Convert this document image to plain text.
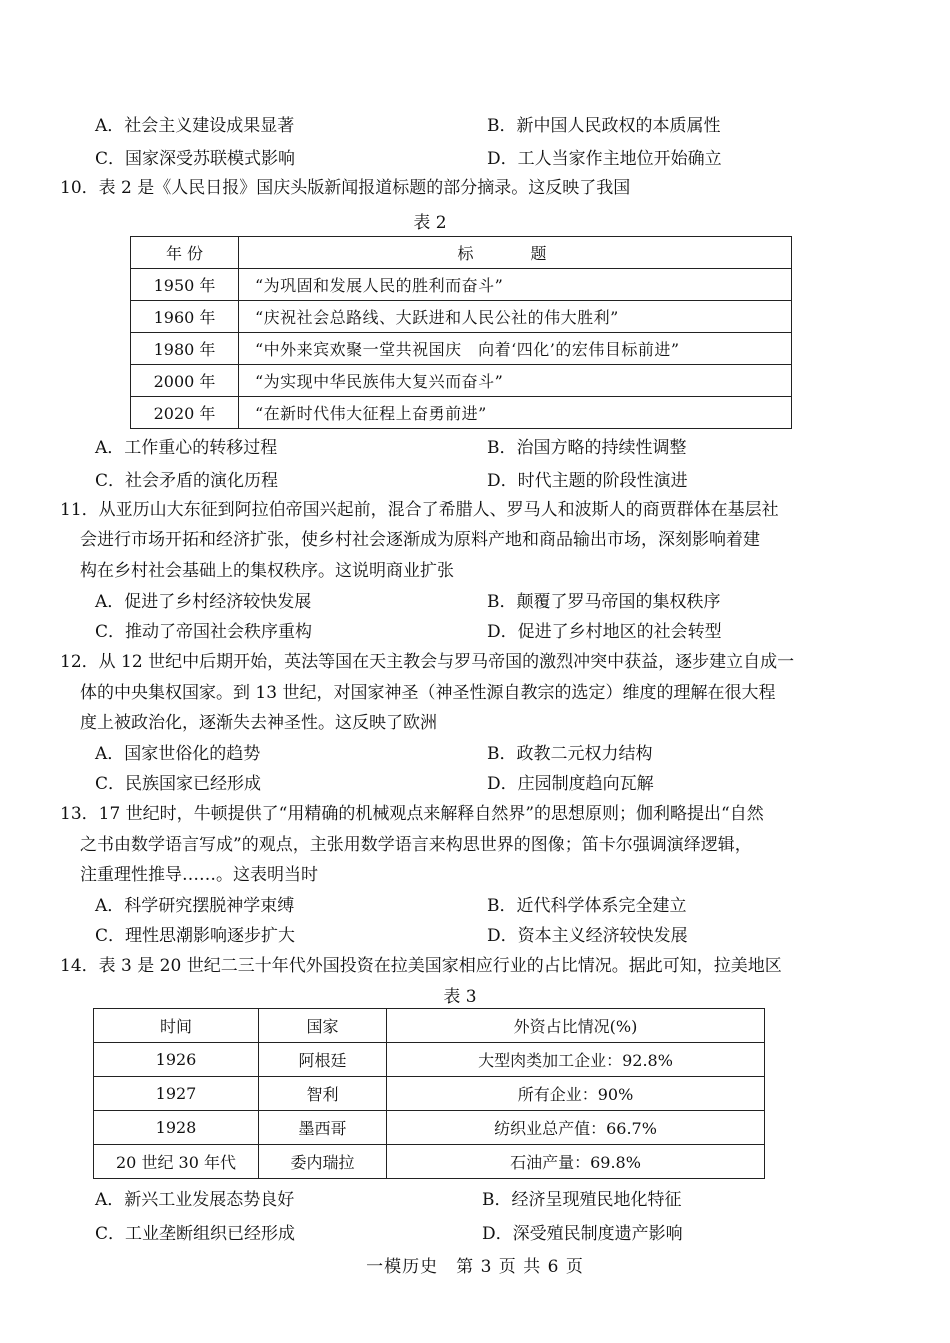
A．社会主义建设成果显著	B．新中国人民政权的本质属性
C．国家深受苏联模式影响	D．工人当家作主地位开始确立
10．表 2 是《人民日报》国庆头版新闻报道标题的部分摘录。这反映了我国
表 2
年 份	标 题
1950 年	“为巩固和发展人民的胜利而奋斗”
1960 年	“庆祝社会总路线、大跃进和人民公社的伟大胜利”
1980 年	“中外来宾欢聚一堂共祝国庆　向着‘四化’的宏伟目标前进”
2000 年	“为实现中华民族伟大复兴而奋斗”
2020 年	“在新时代伟大征程上奋勇前进”
A．工作重心的转移过程	B．治国方略的持续性调整
C．社会矛盾的演化历程	D．时代主题的阶段性演进
11．从亚历山大东征到阿拉伯帝国兴起前，混合了希腊人、罗马人和波斯人的商贾群体在基层社
会进行市场开拓和经济扩张，使乡村社会逐渐成为原料产地和商品输出市场，深刻影响着建
构在乡村社会基础上的集权秩序。这说明商业扩张
A．促进了乡村经济较快发展	B．颠覆了罗马帝国的集权秩序
C．推动了帝国社会秩序重构	D．促进了乡村地区的社会转型
12．从 12 世纪中后期开始，英法等国在天主教会与罗马帝国的激烈冲突中获益，逐步建立自成一
体的中央集权国家。到 13 世纪，对国家神圣（神圣性源自教宗的选定）维度的理解在很大程
度上被政治化，逐渐失去神圣性。这反映了欧洲
A．国家世俗化的趋势	B．政教二元权力结构
C．民族国家已经形成	D．庄园制度趋向瓦解
13．17 世纪时，牛顿提供了“用精确的机械观点来解释自然界”的思想原则；伽利略提出“自然
之书由数学语言写成”的观点，主张用数学语言来构思世界的图像；笛卡尔强调演绎逻辑，
注重理性推导……。这表明当时
A．科学研究摆脱神学束缚	B．近代科学体系完全建立
C．理性思潮影响逐步扩大	D．资本主义经济较快发展
14．表 3 是 20 世纪二三十年代外国投资在拉美国家相应行业的占比情况。据此可知，拉美地区
表 3
时间	国家	外资占比情况(%)
1926	阿根廷	大型肉类加工企业：92.8%
1927	智利	所有企业：90%
1928	墨西哥	纺织业总产值：66.7%
20 世纪 30 年代	委内瑞拉	石油产量：69.8%
A．新兴工业发展态势良好	B．经济呈现殖民地化特征
C．工业垄断组织已经形成	D．深受殖民制度遗产影响
一模历史　第 3 页 共 6 页
